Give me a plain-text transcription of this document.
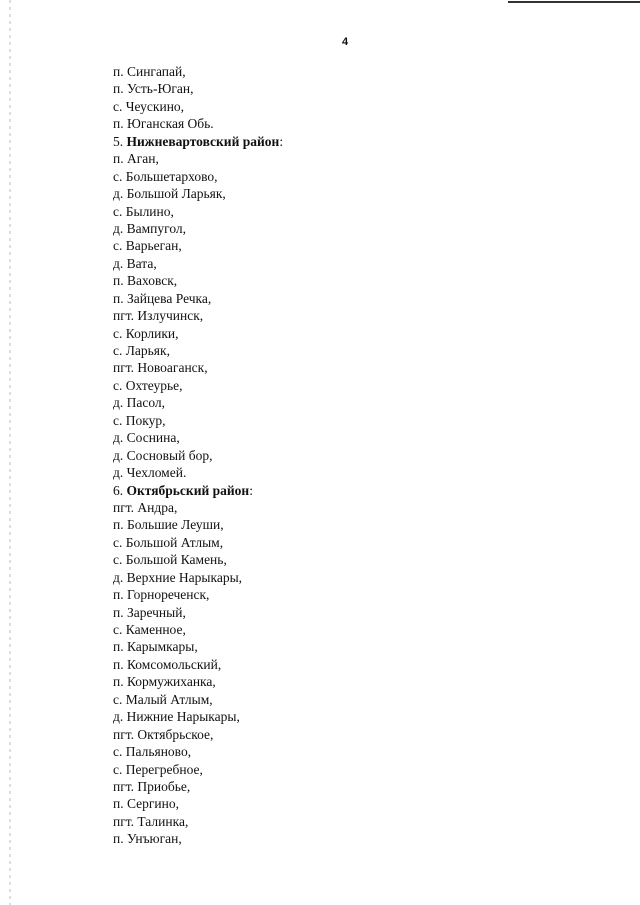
4
п. Сингапай,
п. Усть-Юган,
с. Чеускино,
п. Юганская Обь.
5. Нижневартовский район:
п. Аган,
с. Большетархово,
д. Большой Ларьяк,
с. Былино,
д. Вампугол,
с. Варьеган,
д. Вата,
п. Ваховск,
п. Зайцева Речка,
пгт. Излучинск,
с. Корлики,
с. Ларьяк,
пгт. Новоаганск,
с. Охтеурье,
д. Пасол,
с. Покур,
д. Соснина,
д. Сосновый бор,
д. Чехломей.
6. Октябрьский район:
пгт. Андра,
п. Большие Леуши,
с. Большой Атлым,
с. Большой Камень,
д. Верхние Нарыкары,
п. Горнореченск,
п. Заречный,
с. Каменное,
п. Карымкары,
п. Комсомольский,
п. Кормужиханка,
с. Малый Атлым,
д. Нижние Нарыкары,
пгт. Октябрьское,
с. Пальяново,
с. Перегребное,
пгт. Приобье,
п. Сергино,
пгт. Талинка,
п. Унъюган,
